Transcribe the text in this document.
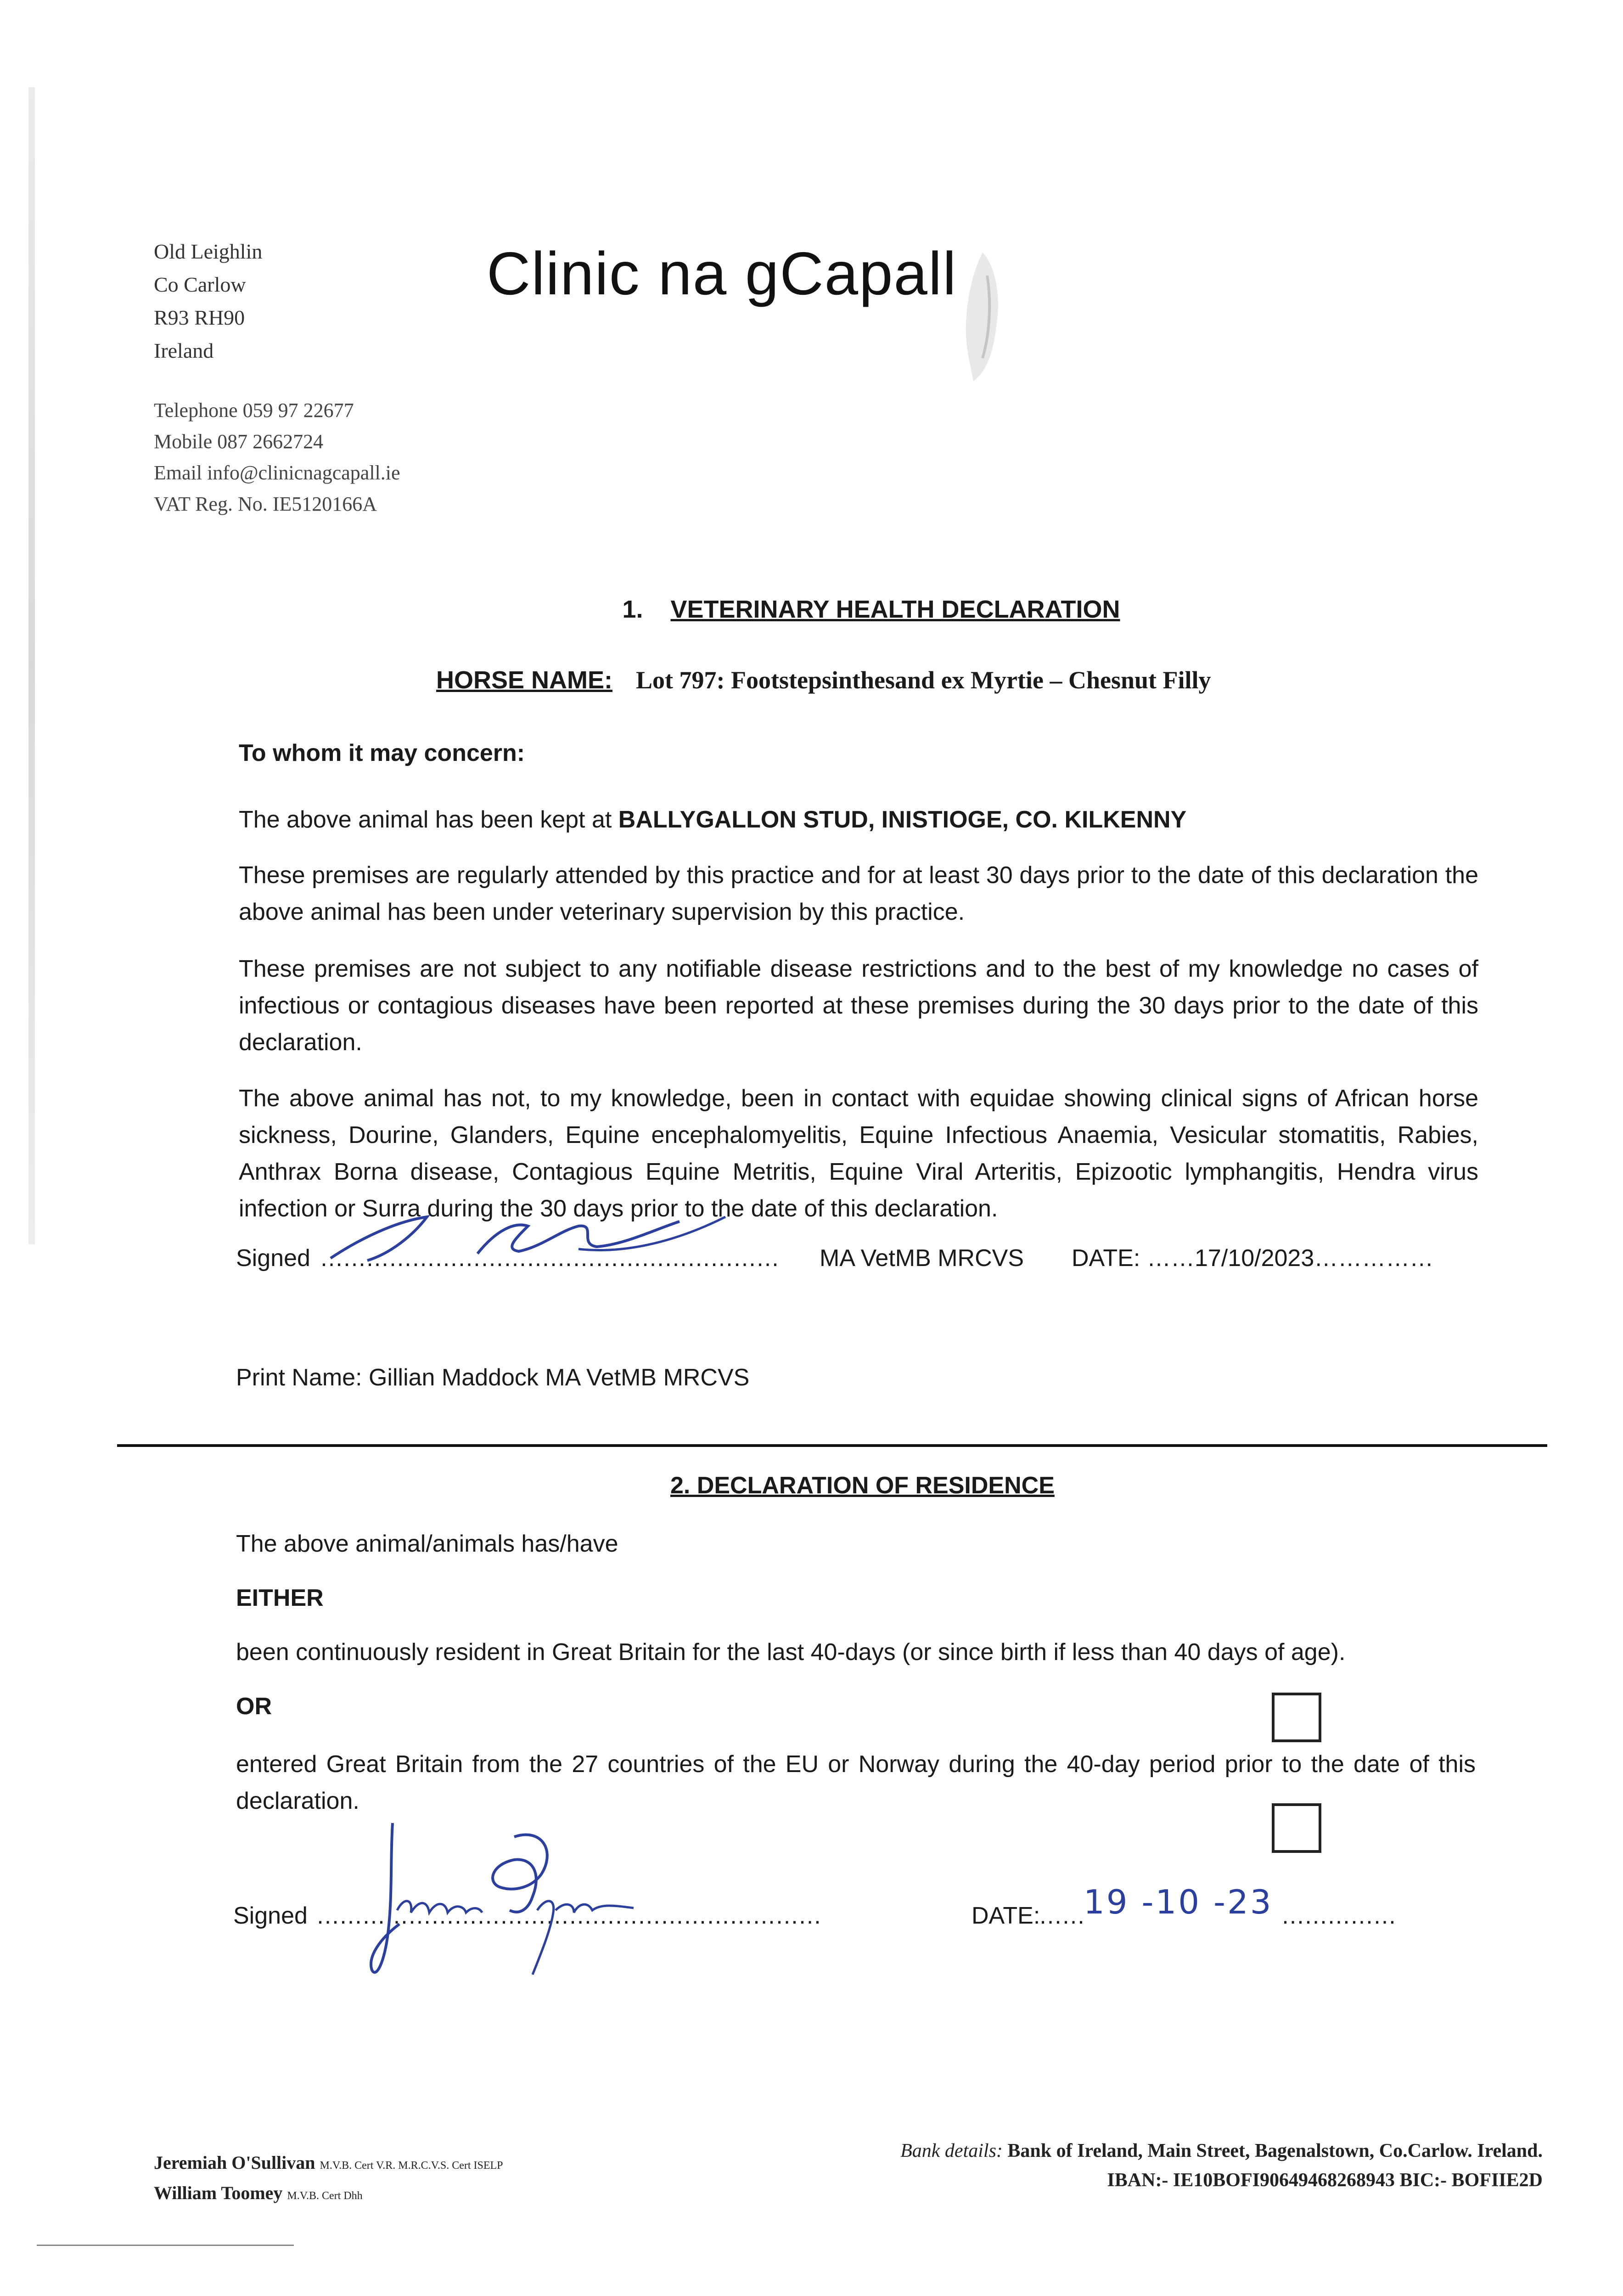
Old Leighlin
Co Carlow
R93 RH90
Ireland
Telephone 059 97 22677
Mobile 087 2662724
Email info@clinicnagcapall.ie
VAT Reg. No. IE5120166A
Clinic na gCapall
1. VETERINARY HEALTH DECLARATION
HORSE NAME: Lot 797: Footstepsinthesand ex Myrtie – Chesnut Filly
To whom it may concern:
The above animal has been kept at BALLYGALLON STUD, INISTIOGE, CO. KILKENNY
These premises are regularly attended by this practice and for at least 30 days prior to the date of this declaration the above animal has been under veterinary supervision by this practice.
These premises are not subject to any notifiable disease restrictions and to the best of my knowledge no cases of infectious or contagious diseases have been reported at these premises during the 30 days prior to the date of this declaration.
The above animal has not, to my knowledge, been in contact with equidae showing clinical signs of African horse sickness, Dourine, Glanders, Equine encephalomyelitis, Equine Infectious Anaemia, Vesicular stomatitis, Rabies, Anthrax Borna disease, Contagious Equine Metritis, Equine Viral Arteritis, Epizootic lymphangitis, Hendra virus infection or Surra during the 30 days prior to the date of this declaration.
Signed …………………………………………………… MA VetMB MRCVS DATE: ……17/10/2023……………
Print Name: Gillian Maddock MA VetMB MRCVS
2. DECLARATION OF RESIDENCE
The above animal/animals has/have
EITHER
been continuously resident in Great Britain for the last 40-days (or since birth if less than 40 days of age).
OR
entered Great Britain from the 27 countries of the EU or Norway during the 40-day period prior to the date of this declaration.
Signed …………………………………………………………	DATE:
……
19 -10 -23 ……………
Jeremiah O'Sullivan M.V.B. Cert V.R. M.R.C.V.S. Cert ISELP
William Toomey M.V.B. Cert Dhh
Bank details: Bank of Ireland, Main Street, Bagenalstown, Co.Carlow. Ireland.
IBAN:- IE10BOFI90649468268943 BIC:- BOFIIE2D
